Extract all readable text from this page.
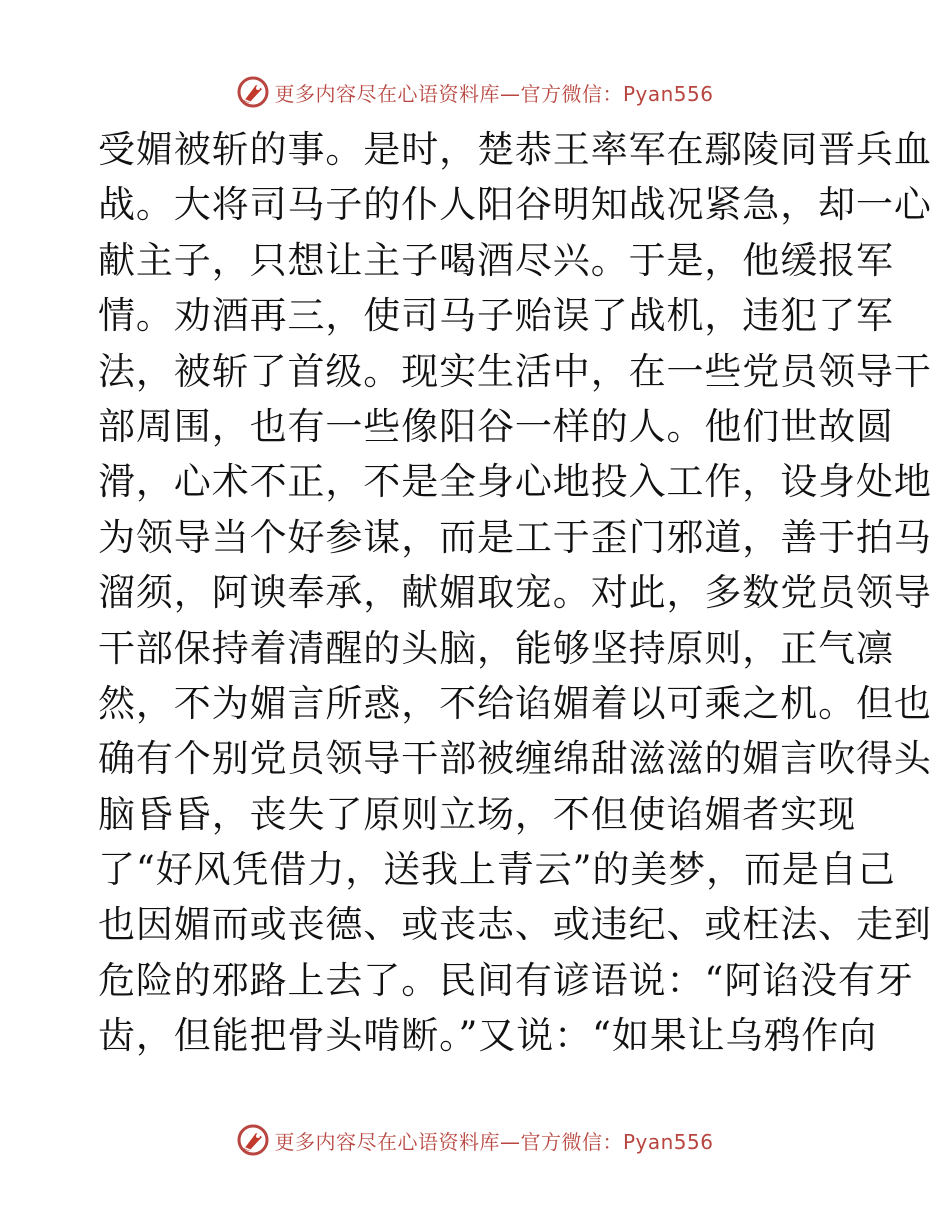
更多内容尽在心语资料库—官方微信：Pyan556
受媚被斩的事。是时，楚恭王率军在鄢陵同晋兵血
战。大将司马子的仆人阳谷明知战况紧急，却一心
献主子，只想让主子喝酒尽兴。于是，他缓报军
情。劝酒再三，使司马子贻误了战机，违犯了军
法，被斩了首级。现实生活中，在一些党员领导干
部周围，也有一些像阳谷一样的人。他们世故圆
滑，心术不正，不是全身心地投入工作，设身处地
为领导当个好参谋，而是工于歪门邪道，善于拍马
溜须，阿谀奉承，献媚取宠。对此，多数党员领导
干部保持着清醒的头脑，能够坚持原则，正气凛
然，不为媚言所惑，不给谄媚着以可乘之机。但也
确有个别党员领导干部被缠绵甜滋滋的媚言吹得头
脑昏昏，丧失了原则立场，不但使谄媚者实现
了“好风凭借力，送我上青云”的美梦，而是自己
也因媚而或丧德、或丧志、或违纪、或枉法、走到
危险的邪路上去了。民间有谚语说：“阿谄没有牙
齿，但能把骨头啃断。”又说：“如果让乌鸦作向
更多内容尽在心语资料库—官方微信：Pyan556
